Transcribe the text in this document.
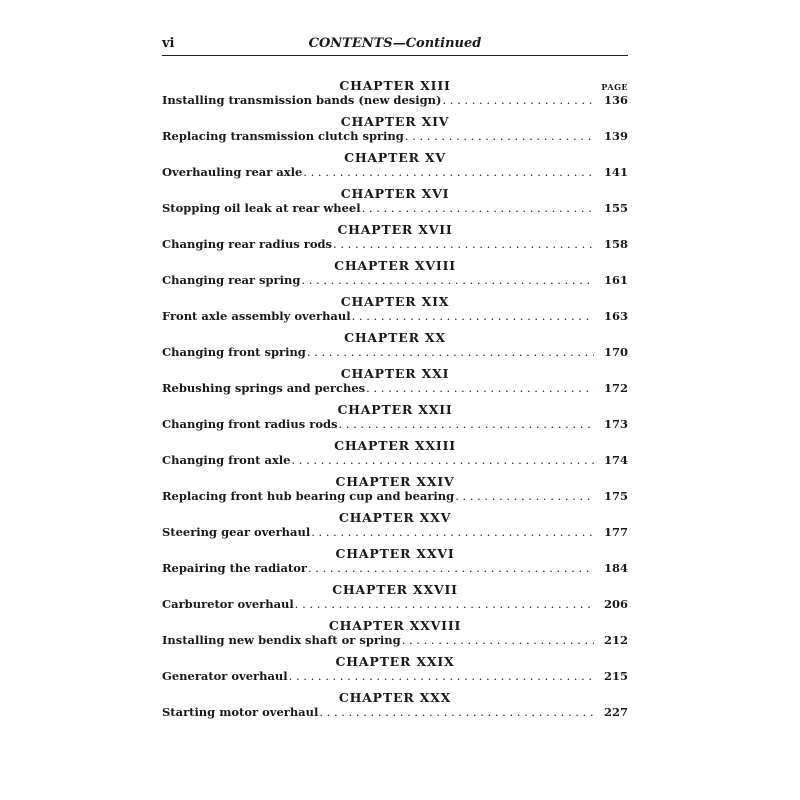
vi	CONTENTS—Continued
CHAPTER XIII	PAGE
Installing transmission bands (new design) . . .	136
CHAPTER XIV
Replacing transmission clutch spring . . .	139
CHAPTER XV
Overhauling rear axle . . .	141
CHAPTER XVI
Stopping oil leak at rear wheel . . .	155
CHAPTER XVII
Changing rear radius rods . . .	158
CHAPTER XVIII
Changing rear spring . . .	161
CHAPTER XIX
Front axle assembly overhaul . . .	163
CHAPTER XX
Changing front spring . . .	170
CHAPTER XXI
Rebushing springs and perches . . .	172
CHAPTER XXII
Changing front radius rods . . .	173
CHAPTER XXIII
Changing front axle . . .	174
CHAPTER XXIV
Replacing front hub bearing cup and bearing . . .	175
CHAPTER XXV
Steering gear overhaul . . .	177
CHAPTER XXVI
Repairing the radiator . . .	184
CHAPTER XXVII
Carburetor overhaul . . .	206
CHAPTER XXVIII
Installing new bendix shaft or spring . . .	212
CHAPTER XXIX
Generator overhaul . . .	215
CHAPTER XXX
Starting motor overhaul . . .	227
